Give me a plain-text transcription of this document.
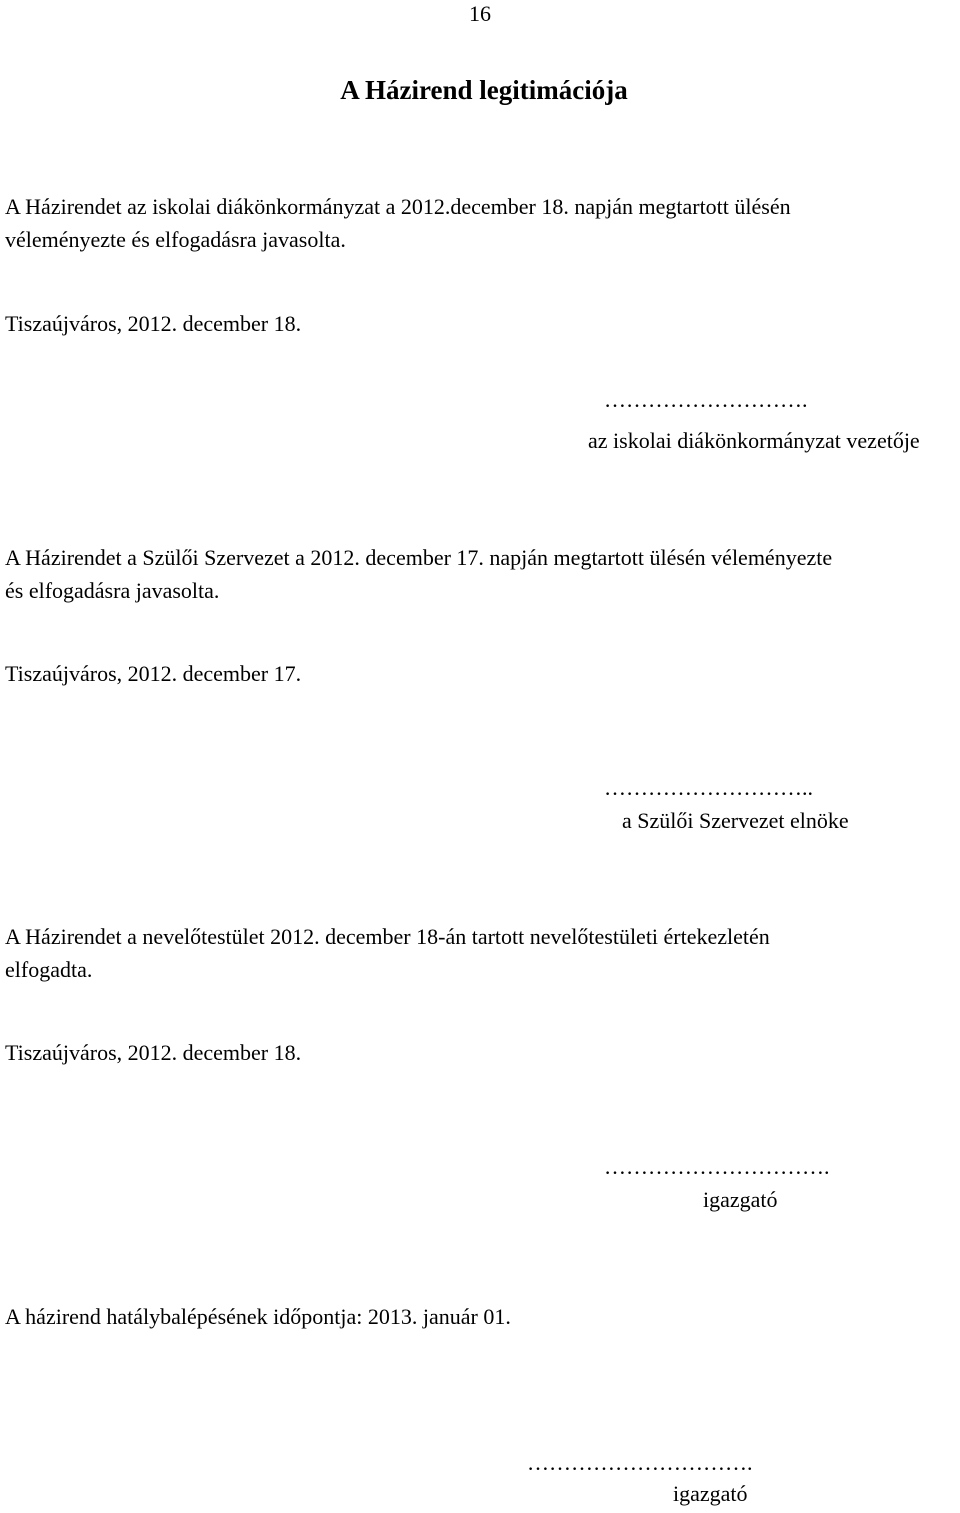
16
A Házirend legitimációja
A Házirendet az iskolai diákönkormányzat a 2012.december 18. napján megtartott ülésén
véleményezte és elfogadásra javasolta.
Tiszaújváros, 2012. december 18.
……………………….
az iskolai diákönkormányzat vezetője
A Házirendet a Szülői Szervezet a 2012. december 17. napján megtartott ülésén véleményezte
és elfogadásra javasolta.
Tiszaújváros, 2012. december 17.
………………………..
a Szülői Szervezet elnöke
A Házirendet a nevelőtestület 2012. december 18-án tartott nevelőtestületi értekezletén
elfogadta.
Tiszaújváros, 2012. december 18.
………………………….
igazgató
A házirend hatálybalépésének időpontja: 2013. január 01.
………………………….
igazgató
